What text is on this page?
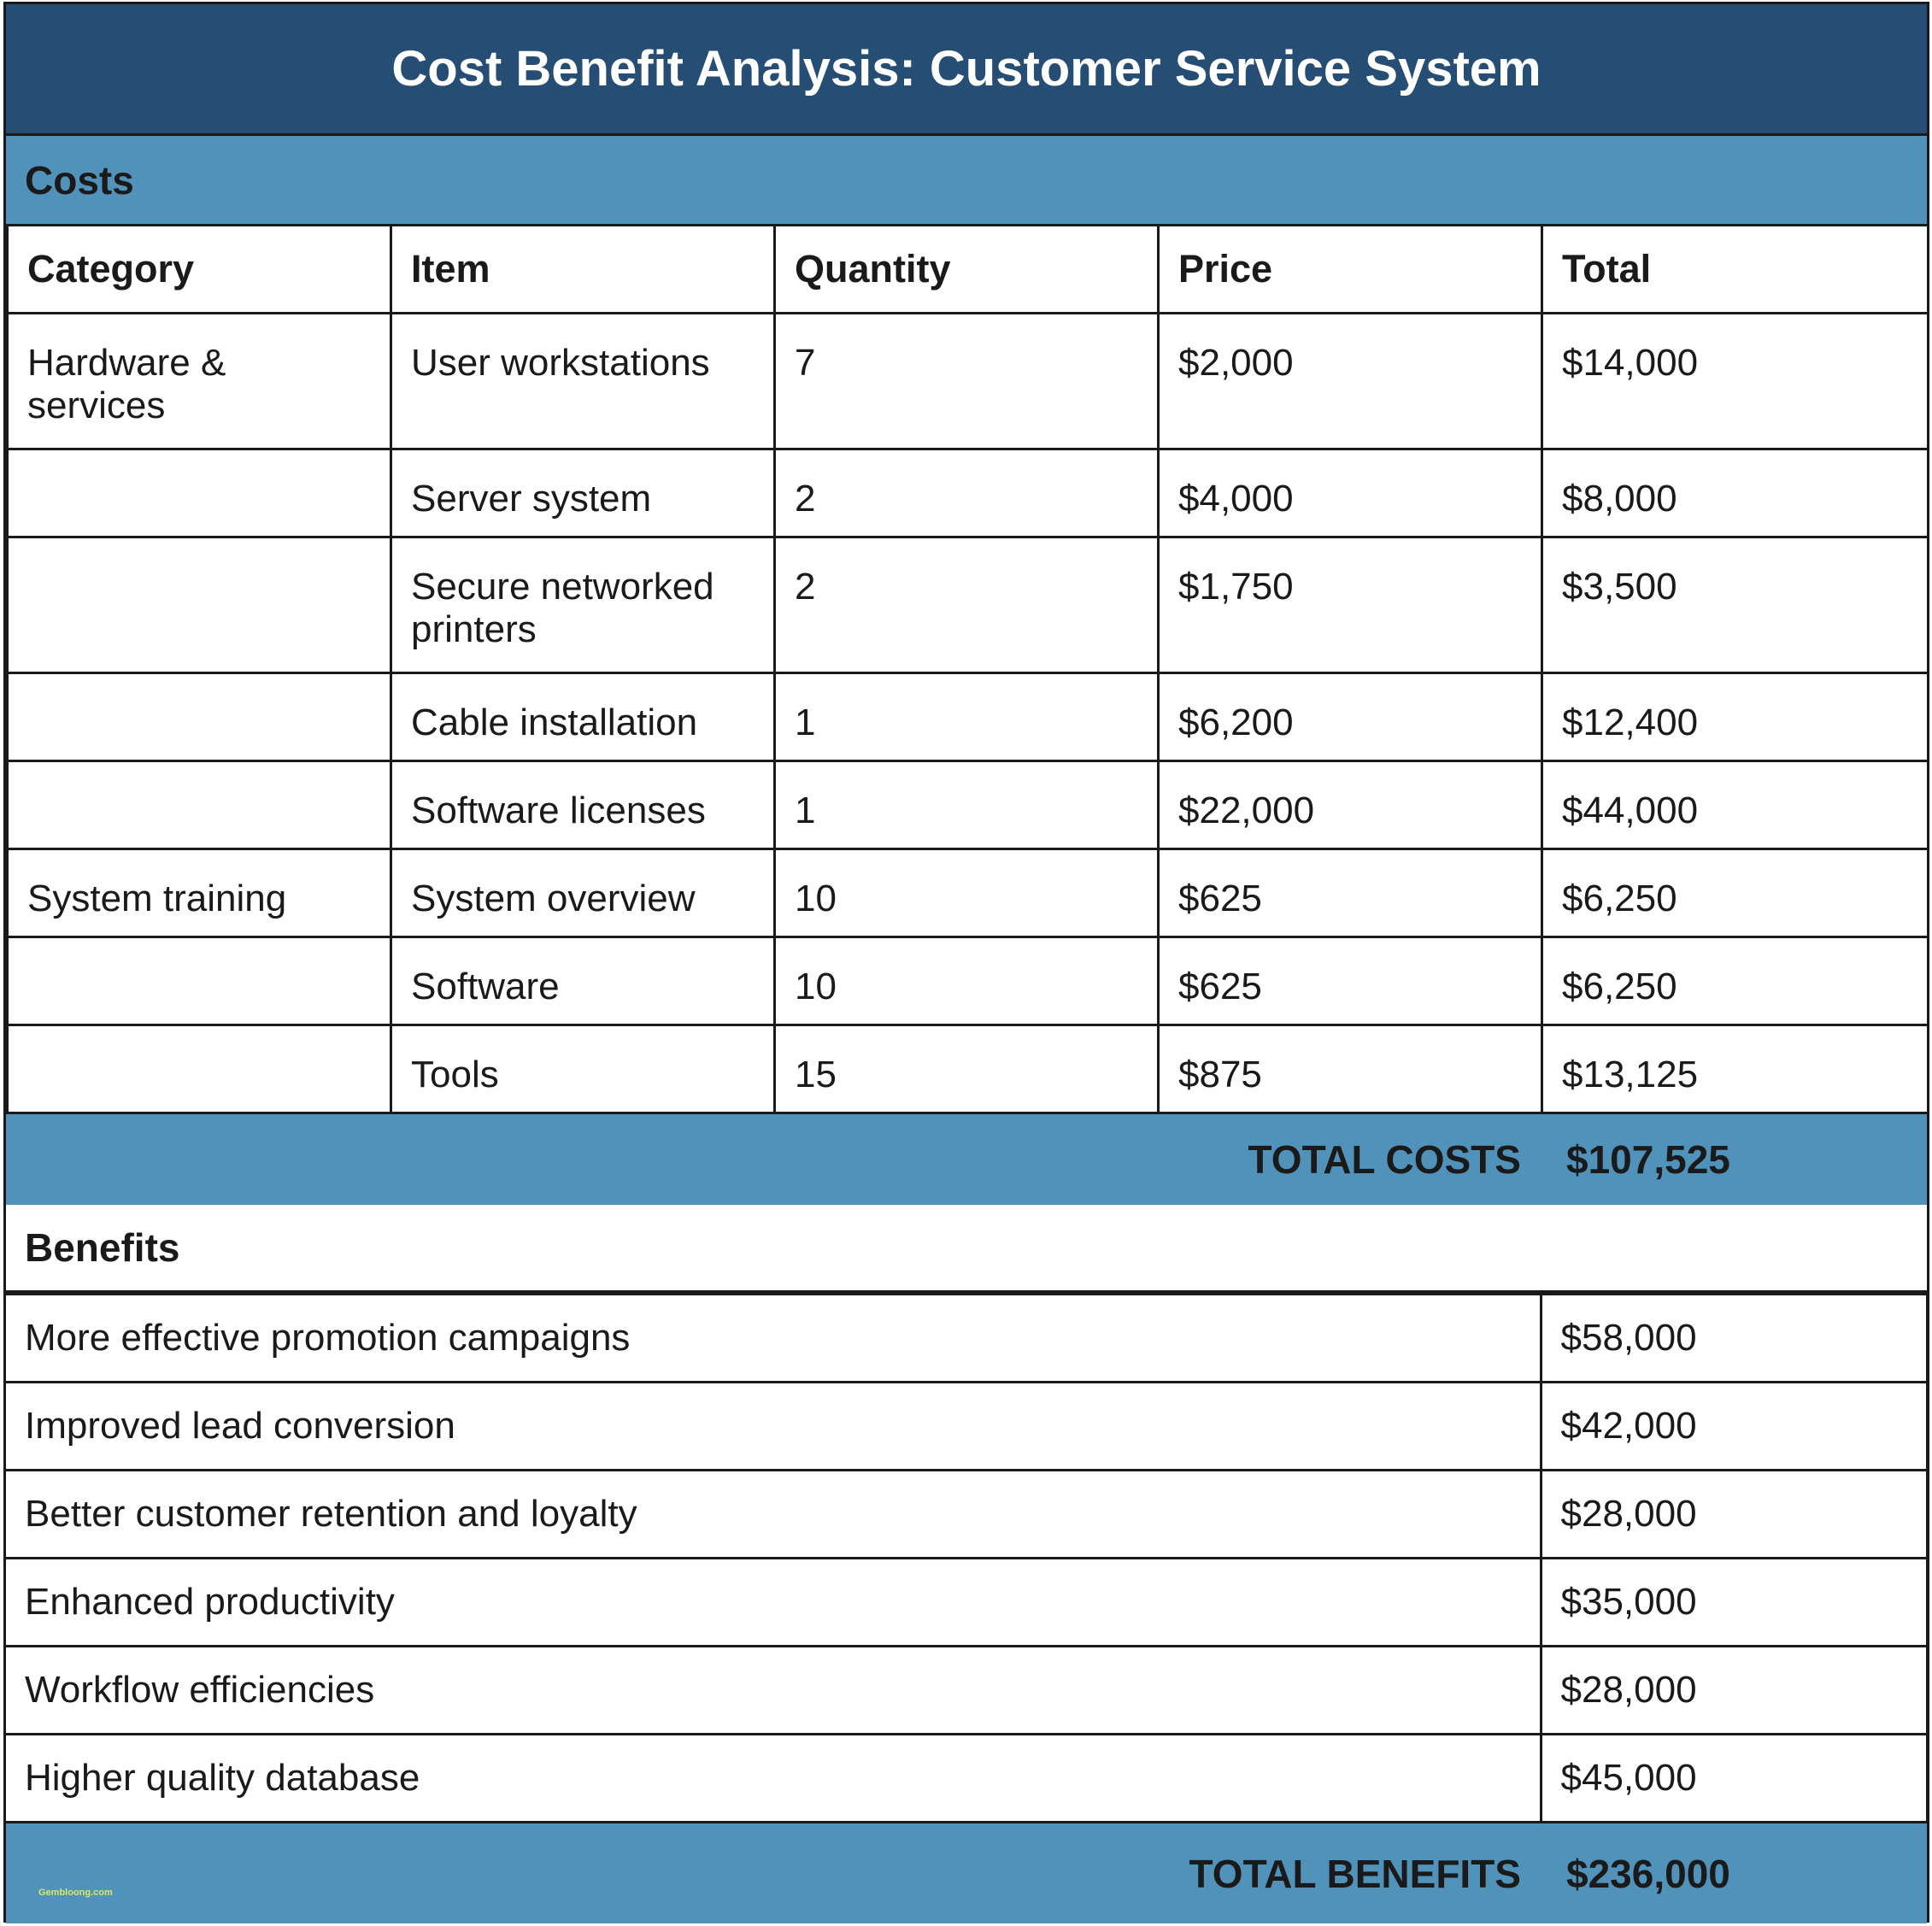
Cost Benefit Analysis: Customer Service System
Costs
Category	Item	Quantity	Price	Total
Hardware & services	User workstations	7	$2,000	$14,000
	Server system	2	$4,000	$8,000
	Secure networked printers	2	$1,750	$3,500
	Cable installation	1	$6,200	$12,400
	Software licenses	1	$22,000	$44,000
System training	System overview	10	$625	$6,250
	Software	10	$625	$6,250
	Tools	15	$875	$13,125
TOTAL COSTS $107,525
Benefits
More effective promotion campaigns	$58,000
Improved lead conversion	$42,000
Better customer retention and loyalty	$28,000
Enhanced productivity	$35,000
Workflow efficiencies	$28,000
Higher quality database	$45,000
TOTAL BENEFITS $236,000
Gembloong.com
